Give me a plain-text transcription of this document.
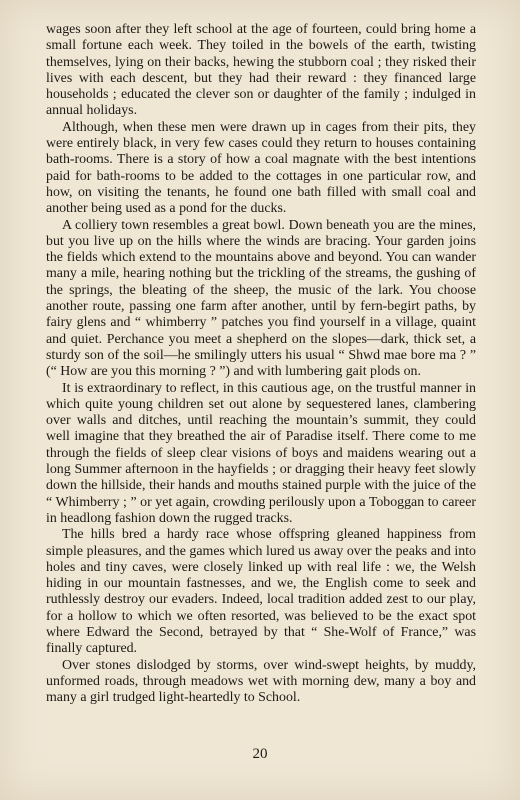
wages soon after they left school at the age of fourteen, could bring home a small fortune each week. They toiled in the bowels of the earth, twisting themselves, lying on their backs, hewing the stubborn coal ; they risked their lives with each descent, but they had their reward : they financed large households ; educated the clever son or daughter of the family ; indulged in annual holidays.

Although, when these men were drawn up in cages from their pits, they were entirely black, in very few cases could they return to houses containing bath-rooms. There is a story of how a coal magnate with the best intentions paid for bath-rooms to be added to the cottages in one particular row, and how, on visiting the tenants, he found one bath filled with small coal and another being used as a pond for the ducks.

A colliery town resembles a great bowl. Down beneath you are the mines, but you live up on the hills where the winds are bracing. Your garden joins the fields which extend to the mountains above and beyond. You can wander many a mile, hearing nothing but the trickling of the streams, the gushing of the springs, the bleating of the sheep, the music of the lark. You choose another route, passing one farm after another, until by fern-begirt paths, by fairy glens and “ whimberry ” patches you find yourself in a village, quaint and quiet. Perchance you meet a shepherd on the slopes—dark, thick set, a sturdy son of the soil—he smilingly utters his usual “ Shwd mae bore ma ? ” (“ How are you this morning ? ”) and with lumbering gait plods on.

It is extraordinary to reflect, in this cautious age, on the trustful manner in which quite young children set out alone by sequestered lanes, clambering over walls and ditches, until reaching the mountain’s summit, they could well imagine that they breathed the air of Paradise itself. There come to me through the fields of sleep clear visions of boys and maidens wearing out a long Summer afternoon in the hayfields ; or dragging their heavy feet slowly down the hillside, their hands and mouths stained purple with the juice of the “ Whimberry ; ” or yet again, crowding perilously upon a Toboggan to career in headlong fashion down the rugged tracks.

The hills bred a hardy race whose offspring gleaned happiness from simple pleasures, and the games which lured us away over the peaks and into holes and tiny caves, were closely linked up with real life : we, the Welsh hiding in our mountain fastnesses, and we, the English come to seek and ruthlessly destroy our evaders. Indeed, local tradition added zest to our play, for a hollow to which we often resorted, was believed to be the exact spot where Edward the Second, betrayed by that “ She-Wolf of France,” was finally captured.

Over stones dislodged by storms, over wind-swept heights, by muddy, unformed roads, through meadows wet with morning dew, many a boy and many a girl trudged light-heartedly to School.

20
